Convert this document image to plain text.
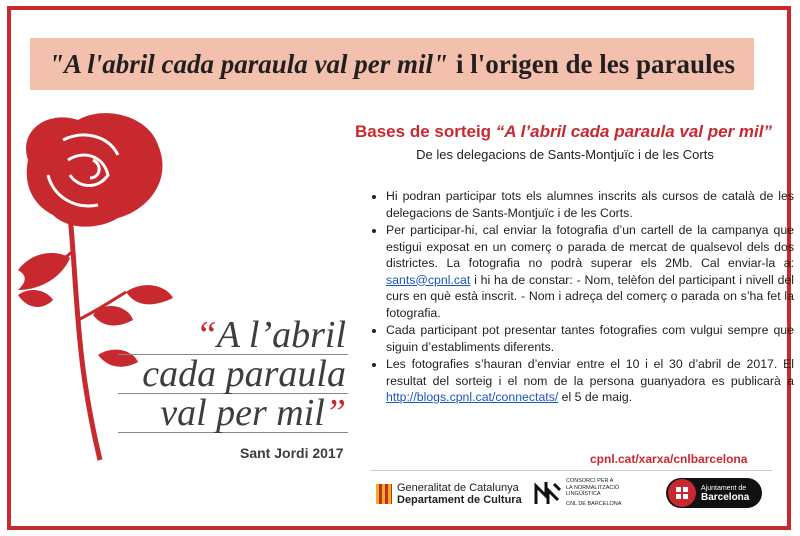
"A l'abril cada paraula val per mil" i l'origen de les paraules
“A l’abril
cada paraula
val per mil”
Sant Jordi 2017
Bases de sorteig “A l’abril cada paraula val per mil”
De les delegacions de Sants-Montjuïc i de les Corts
• Hi podran participar tots els alumnes inscrits als cursos de català de les delegacions de Sants-Montjuïc i de les Corts.
• Per participar-hi, cal enviar la fotografia d’un cartell de la campanya que estigui exposat en un comerç o parada de mercat de qualsevol dels dos districtes. La fotografia no podrà superar els 2Mb. Cal enviar-la a: sants@cpnl.cat i hi ha de constar: - Nom, telèfon del participant i nivell del curs en què està inscrit. - Nom i adreça del comerç o parada on s’ha fet la fotografia.
• Cada participant pot presentar tantes fotografies com vulgui sempre que siguin d’establiments diferents.
• Les fotografies s’hauran d’enviar entre el 10 i el 30 d’abril de 2017. El resultat del sorteig i el nom de la persona guanyadora es publicarà a http://blogs.cpnl.cat/connectats/ el 5 de maig.
cpnl.cat/xarxa/cnlbarcelona
Generalitat de Catalunya
Departament de Cultura
CONSORCI PER A
LA NORMALITZACIÓ
LINGÜÍSTICA
CNL DE BARCELONA
Ajuntament de
Barcelona
